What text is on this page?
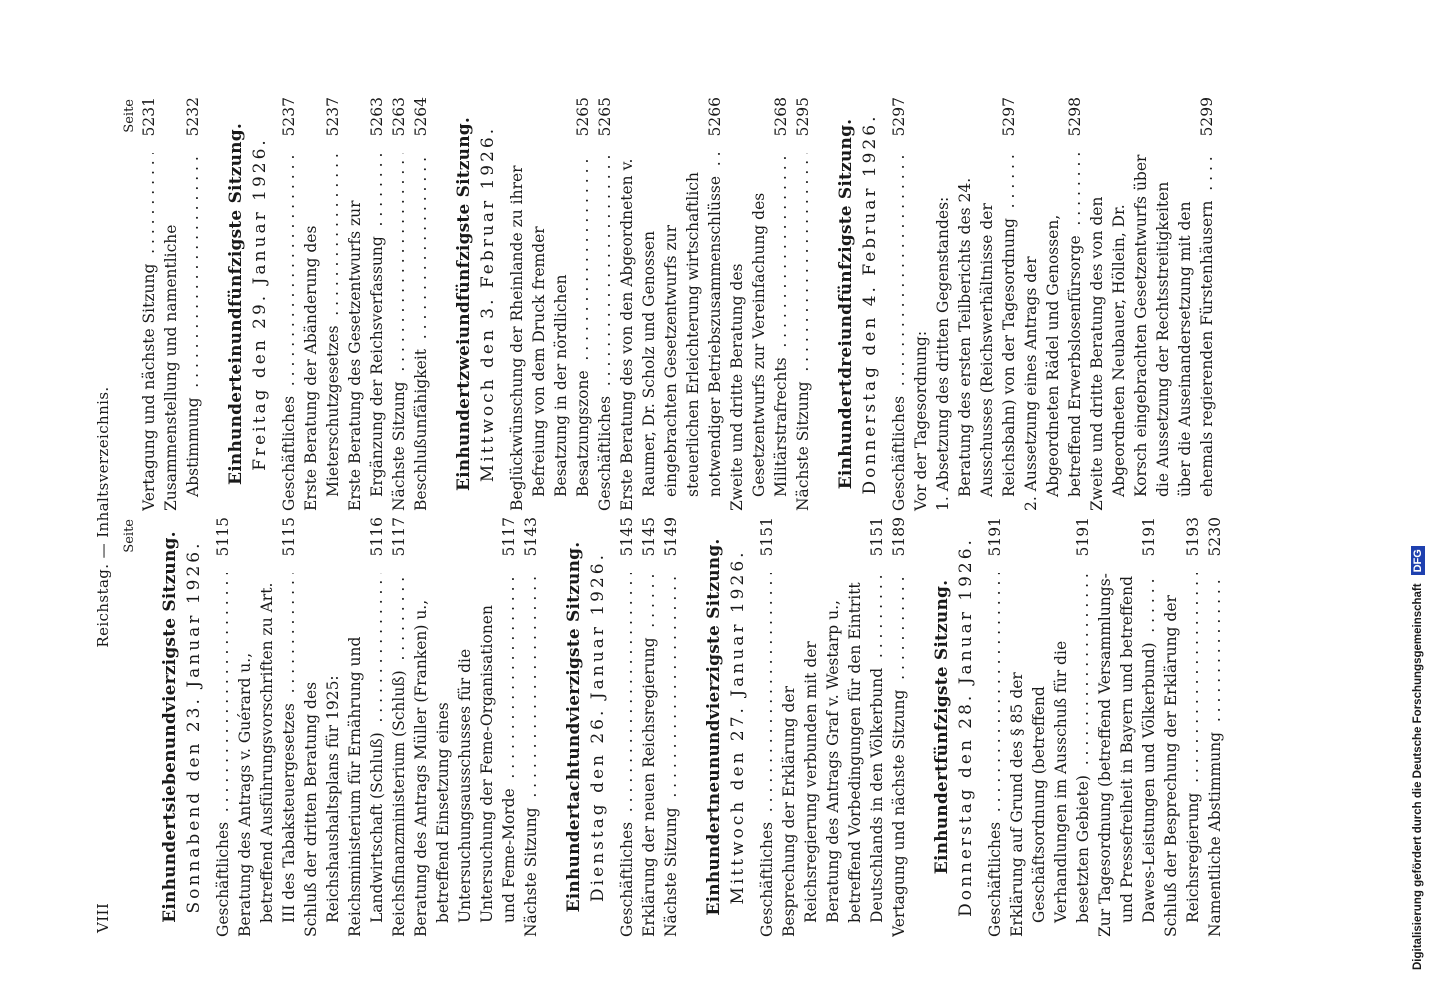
VIII
Reichstag. — Inhaltsverzeichnis. Seite Einhundertsiebenundvierzigste Sitzung. Sonnabend den 23. Januar 1926. Geschäftliches . . .
5115
Beratung des Antrags v. Guérard u., betreffend Ausführungsvorschriften zu Art. III des Tabaksteuergesetzes . . .
5115
Schluß der dritten Beratung des Reichshaushaltsplans für 1925: Reichsministerium für Ernährung und Landwirtschaft (Schluß) . . .
5116
Reichsfinanzministerium (Schluß) . . .
5117
Beratung des Antrags Müller (Franken) u., betreffend Einsetzung eines Untersuchungsausschusses für die Untersuchung der Feme-Organisationen und Feme-Morde . . .
5117
Nächste Sitzung . . .
5143
Einhundertachtundvierzigste Sitzung. Dienstag den 26. Januar 1926. Geschäftliches . . .
5145
Erklärung der neuen Reichsregierung . . .
5145
Nächste Sitzung . . .
5149
Einhundertneunundvierzigste Sitzung. Mittwoch den 27. Januar 1926. Geschäftliches . . .
5151
Besprechung der Erklärung der Reichsregierung verbunden mit der Beratung des Antrags Graf v. Westarp u., betreffend Vorbedingungen für den Eintritt Deutschlands in den Völkerbund . . .
5151
Vertagung und nächste Sitzung . . .
5189
Einhundertfünfzigste Sitzung. Donnerstag den 28. Januar 1926. Geschäftliches . . .
5191
Erklärung auf Grund des § 85 der Geschäftsordnung (betreffend Verhandlungen im Ausschuß für die besetzten Gebiete) . . .
5191
Zur Tagesordnung (betreffend Versammlungs- und Pressefreiheit in Bayern und betreffend Dawes-Leistungen und Völkerbund) . . .
5191
Schluß der Besprechung der Erklärung der Reichsregierung . . .
5193
Namentliche Abstimmung . . .
5230
Seite
Vertagung und nächste Sitzung . . .
5231
Zusammenstellung und namentliche Abstimmung . . .
5232
Einhunderteinundfünfzigste Sitzung. Freitag den 29. Januar 1926. Geschäftliches . . .
5237
Erste Beratung der Abänderung des Mieterschutzgesetzes . . .
5237
Erste Beratung des Gesetzentwurfs zur Ergänzung der Reichsverfassung . . .
5263
Nächste Sitzung . . .
5263
Beschlußunfähigkeit . . .
5264
Einhundertzweiundfünfzigste Sitzung. Mittwoch den 3. Februar 1926. Beglückwünschung der Rheinlande zu ihrer Befreiung von dem Druck fremder Besatzung in der nördlichen Besatzungszone . . .
5265
Geschäftliches . . .
5265
Erste Beratung des von den Abgeordneten v. Raumer, Dr. Scholz und Genossen eingebrachten Gesetzentwurfs zur steuerlichen Erleichterung wirtschaftlich notwendiger Betriebszusammenschlüsse . . .
5266
Zweite und dritte Beratung des Gesetzentwurfs zur Vereinfachung des Militärstrafrechts . . .
5268
Nächste Sitzung . . .
5295
Einhundertdreiundfünfzigste Sitzung. Donnerstag den 4. Februar 1926. Geschäftliches . . .
5297
Vor der Tagesordnung: 1. Absetzung des dritten Gegenstandes: Beratung des ersten Teilberichts des 24. Ausschusses (Reichswerhältnisse der Reichsbahn) von der Tagesordnung . . .
5297
2. Aussetzung eines Antrags der Abgeordneten Rädel und Genossen, betreffend Erwerbslosenfürsorge . . .
5298
Zweite und dritte Beratung des von den Abgeordneten Neubauer, Höllein, Dr. Korsch eingebrachten Gesetzentwurfs über die Aussetzung der Rechtsstreitigkeiten über die Auseinandersetzung mit den ehemals regierenden Fürstenhäusern . . .
5299
Digitalisierung gefördert durch die Deutsche Forschungsgemeinschaft
DFG
